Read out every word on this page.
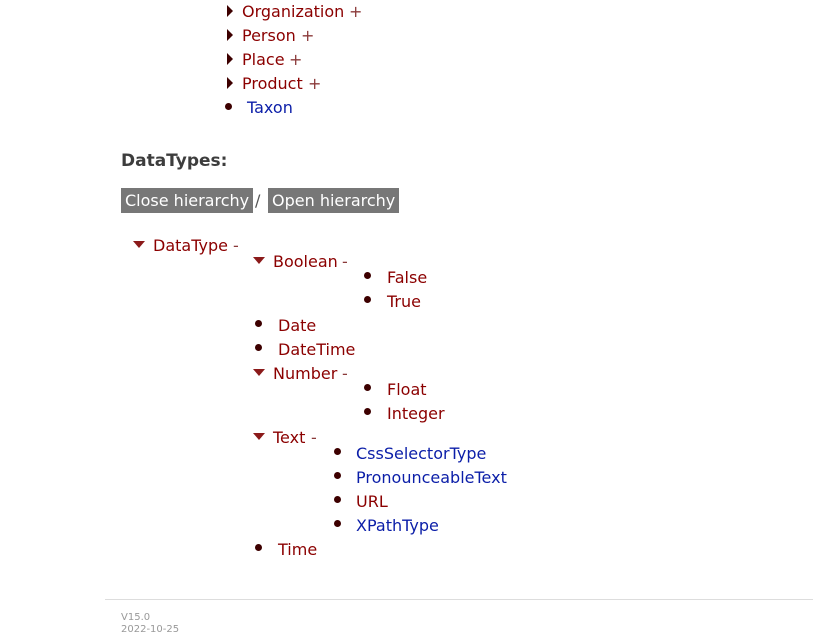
Organization +
Person +
Place +
Product +
Taxon
DataTypes:
Close hierarchy / Open hierarchy
DataType -
Boolean -
False
True
Date
DateTime
Number -
Float
Integer
Text -
CssSelectorType
PronounceableText
URL
XPathType
Time
V15.0
2022-10-25
